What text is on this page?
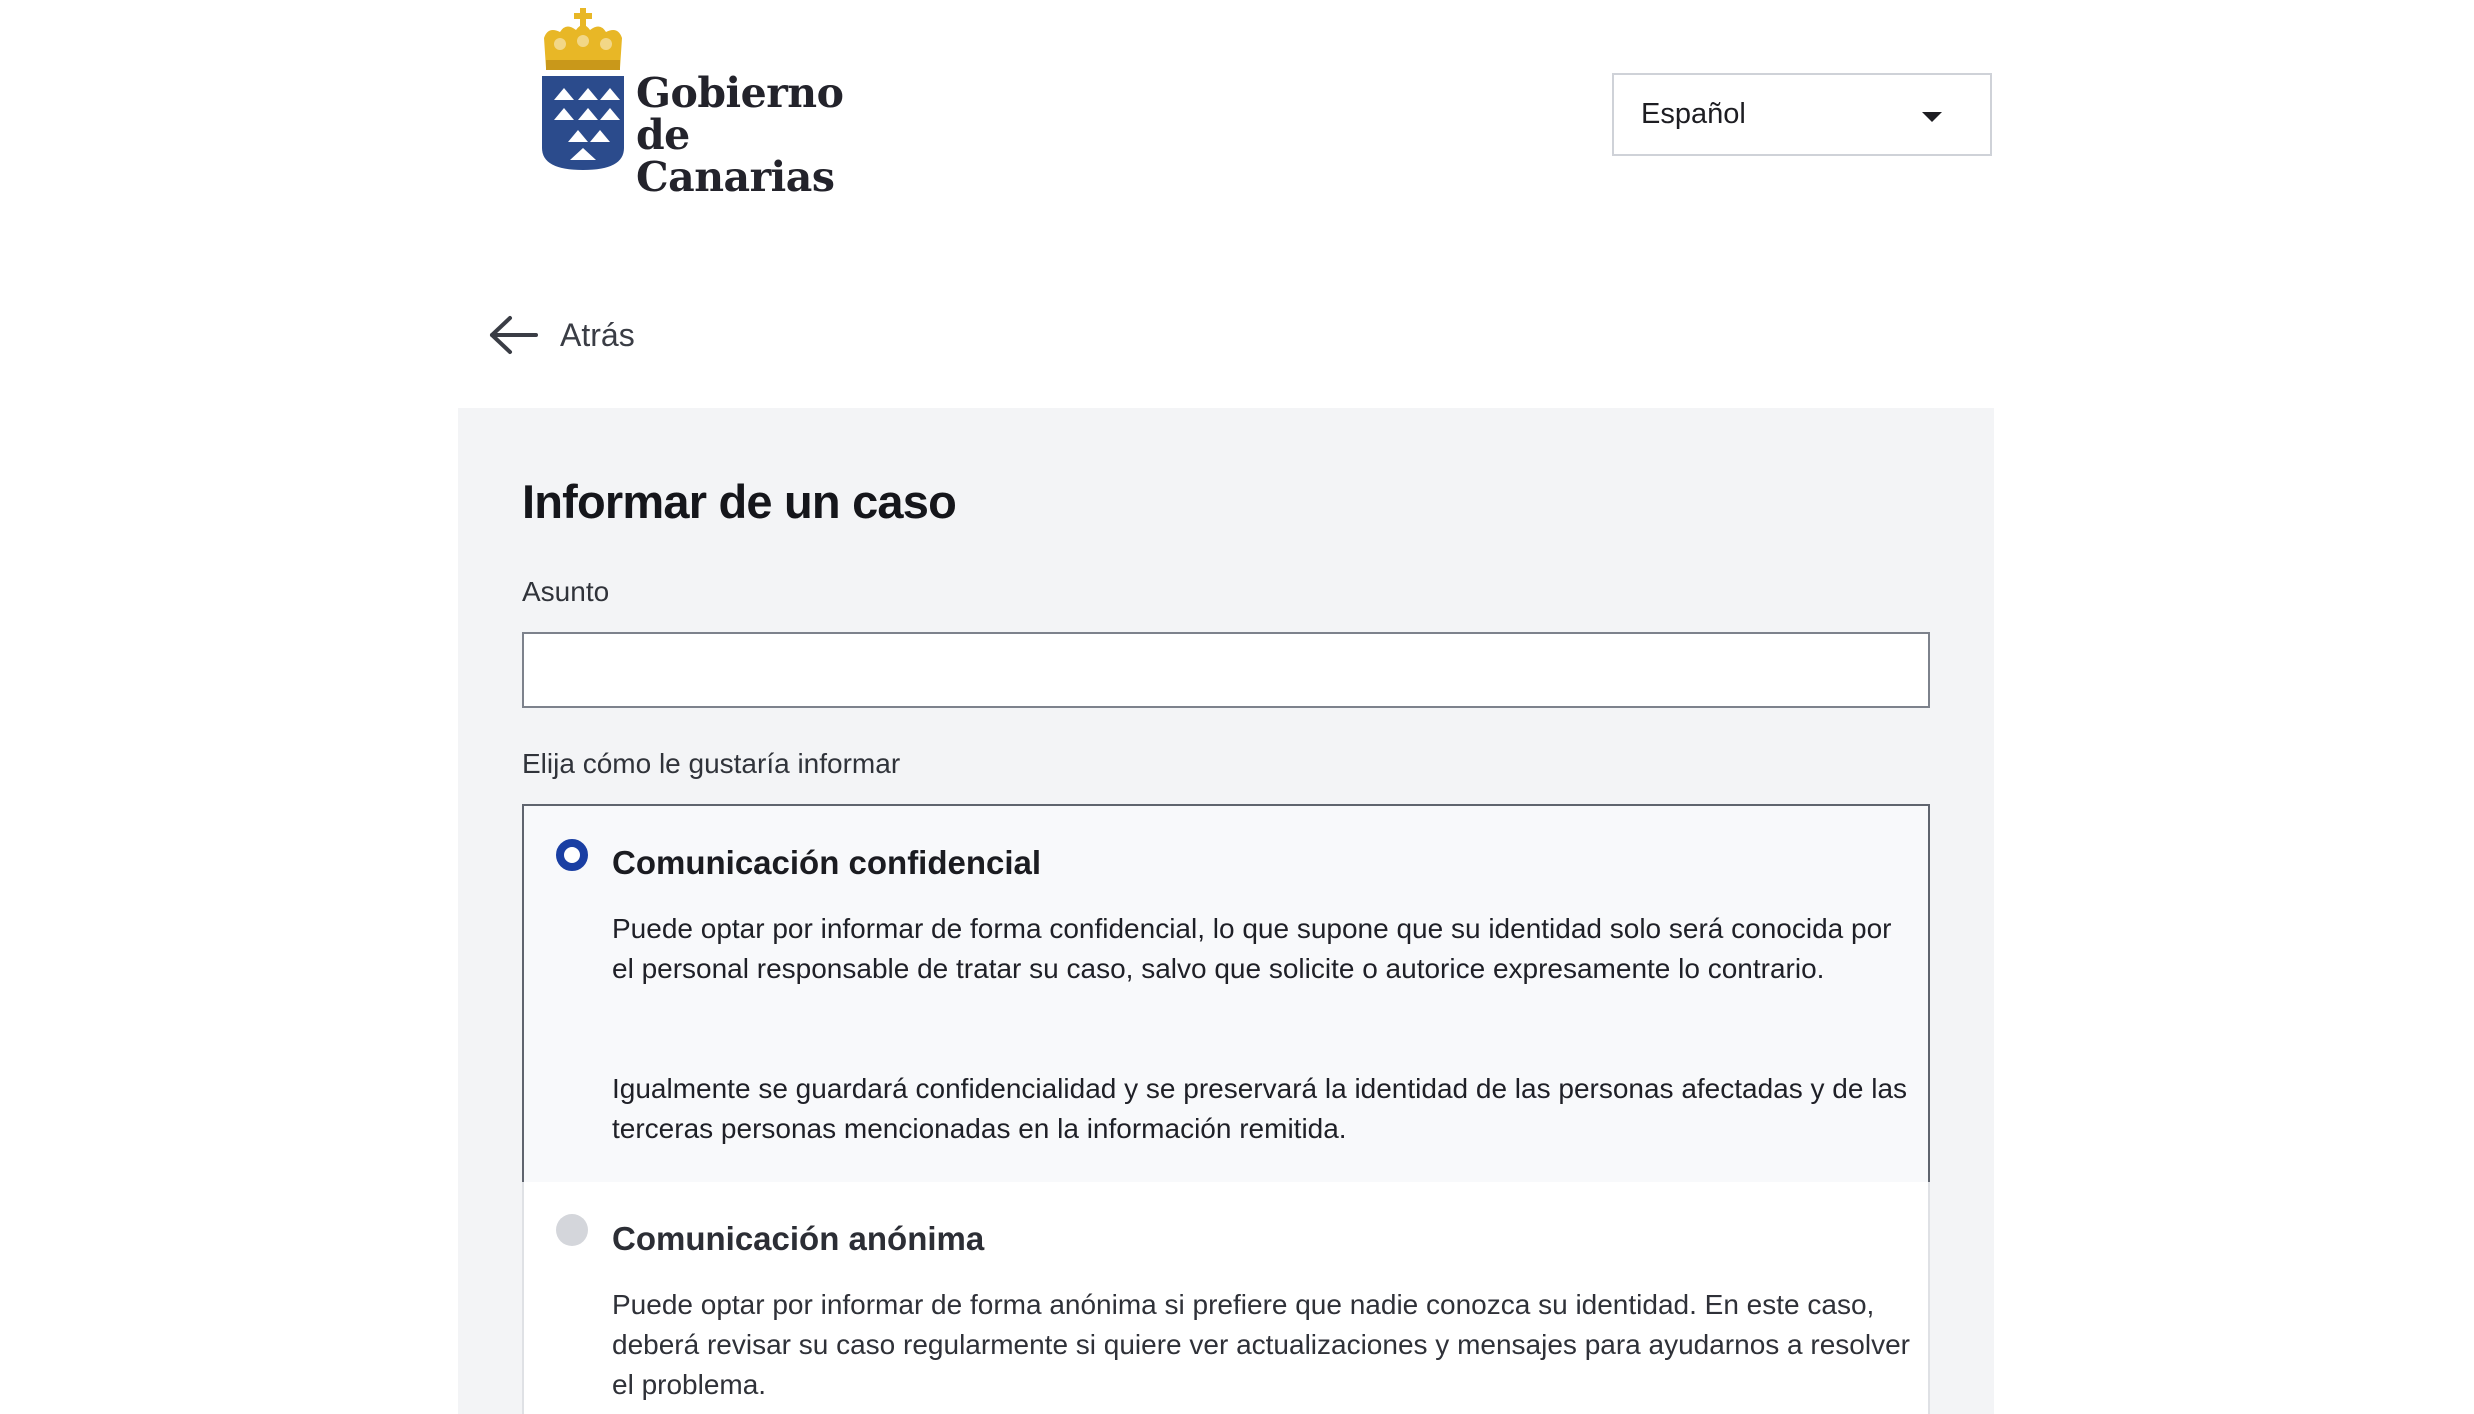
Gobierno
de Canarias
Español
Atrás
Informar de un caso
Asunto
Elija cómo le gustaría informar
Comunicación confidencial
Puede optar por informar de forma confidencial, lo que supone que su identidad solo será conocida por el personal responsable de tratar su caso, salvo que solicite o autorice expresamente lo contrario.
Igualmente se guardará confidencialidad y se preservará la identidad de las personas afectadas y de las terceras personas mencionadas en la información remitida.
Comunicación anónima
Puede optar por informar de forma anónima si prefiere que nadie conozca su identidad. En este caso, deberá revisar su caso regularmente si quiere ver actualizaciones y mensajes para ayudarnos a resolver el problema.
